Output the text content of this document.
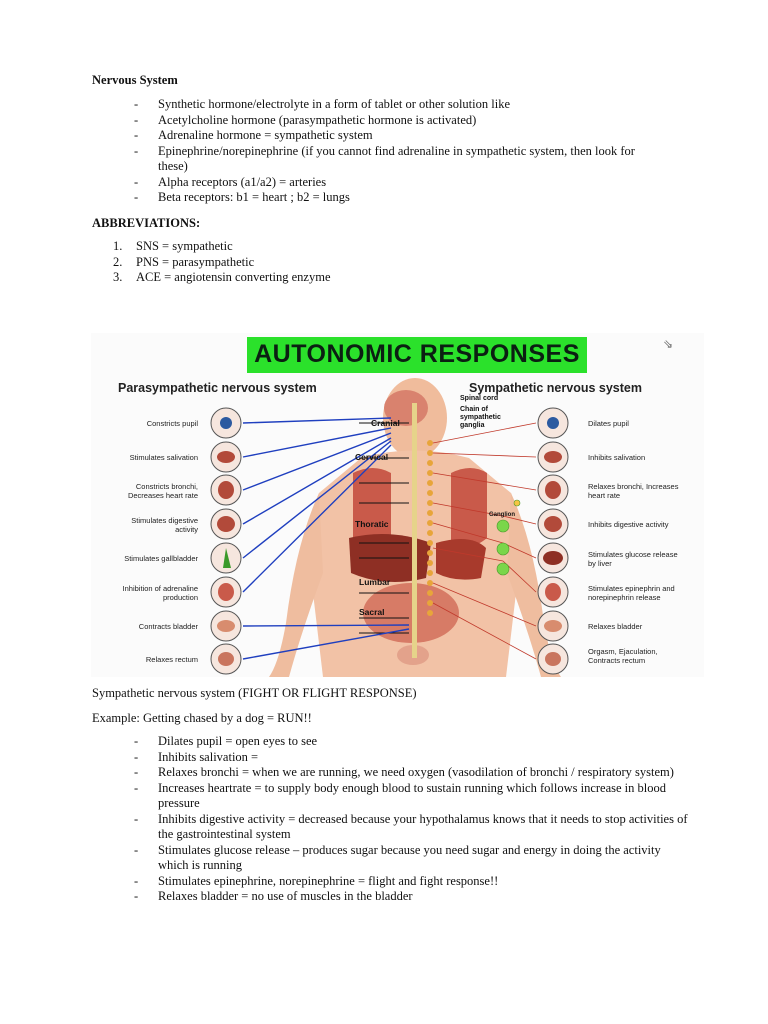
Nervous System
- Synthetic hormone/electrolyte in a form of tablet or other solution like
- Acetylcholine hormone (parasympathetic hormone is activated)
- Adrenaline hormone = sympathetic system
- Epinephrine/norepinephrine (if you cannot find adrenaline in sympathetic system, then look for these)
- Alpha receptors (a1/a2) = arteries
- Beta receptors: b1 = heart ; b2 = lungs
ABBREVIATIONS:
1. SNS = sympathetic
2. PNS = parasympathetic
3. ACE = angiotensin converting enzyme
AUTONOMIC RESPONSES	⇘
Parasympathetic nervous system	Sympathetic nervous system
Constricts pupil
Stimulates salivation
Constricts bronchi, Decreases heart rate
Stimulates digestive activity
Stimulates gallbladder
Inhibition of adrenaline production
Contracts bladder
Relaxes rectum
Dilates pupil
Inhibits salivation
Relaxes bronchi, Increases heart rate
Inhibits digestive activity
Stimulates glucose release by liver
Stimulates epinephrin and norepinephrin release
Relaxes bladder
Orgasm, Ejaculation, Contracts rectum
Spinal cord
Chain of sympathetic ganglia
Ganglion
Cranial
Cervical
Thoratic
Lumbar
Sacral
Sympathetic nervous system (FIGHT OR FLIGHT RESPONSE)
Example: Getting chased by a dog = RUN!!
- Dilates pupil = open eyes to see
- Inhibits salivation =
- Relaxes bronchi = when we are running, we need oxygen (vasodilation of bronchi / respiratory system)
- Increases heartrate = to supply body enough blood to sustain running which follows increase in blood pressure
- Inhibits digestive activity = decreased because your hypothalamus knows that it needs to stop activities of the gastrointestinal system
- Stimulates glucose release – produces sugar because you need sugar and energy in doing the activity which is running
- Stimulates epinephrine, norepinephrine = flight and fight response!!
- Relaxes bladder = no use of muscles in the bladder
